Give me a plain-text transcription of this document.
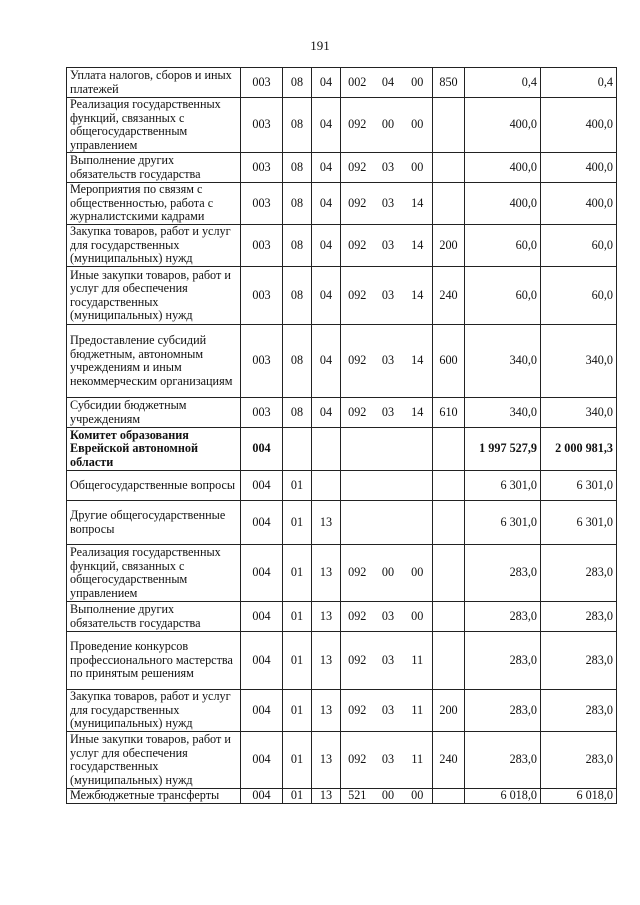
191
Уплата налогов, сборов и иных платежей	003	08	04	002	04	00	850	0,4	0,4
Реализация государственных функций, связанных с общегосударственным управлением	003	08	04	092	00	00		400,0	400,0
Выполнение других обязательств государства	003	08	04	092	03	00		400,0	400,0
Мероприятия по связям с общественностью, работа с журналистскими кадрами	003	08	04	092	03	14		400,0	400,0
Закупка товаров, работ и услуг для государственных (муниципальных) нужд	003	08	04	092	03	14	200	60,0	60,0
Иные закупки товаров, работ и услуг для обеспечения государственных (муниципальных) нужд	003	08	04	092	03	14	240	60,0	60,0
Предоставление субсидий бюджетным, автономным учреждениям и иным некоммерческим организациям	003	08	04	092	03	14	600	340,0	340,0
Субсидии бюджетным учреждениям	003	08	04	092	03	14	610	340,0	340,0
Комитет образования Еврейской автономной области	004							1 997 527,9	2 000 981,3
Общегосударственные вопросы	004	01						6 301,0	6 301,0
Другие общегосударственные вопросы	004	01	13					6 301,0	6 301,0
Реализация государственных функций, связанных с общегосударственным управлением	004	01	13	092	00	00		283,0	283,0
Выполнение других обязательств государства	004	01	13	092	03	00		283,0	283,0
Проведение конкурсов профессионального мастерства по принятым решениям	004	01	13	092	03	11		283,0	283,0
Закупка товаров, работ и услуг для государственных (муниципальных) нужд	004	01	13	092	03	11	200	283,0	283,0
Иные закупки товаров, работ и услуг для обеспечения государственных (муниципальных) нужд	004	01	13	092	03	11	240	283,0	283,0
Межбюджетные трансферты	004	01	13	521	00	00		6 018,0	6 018,0
